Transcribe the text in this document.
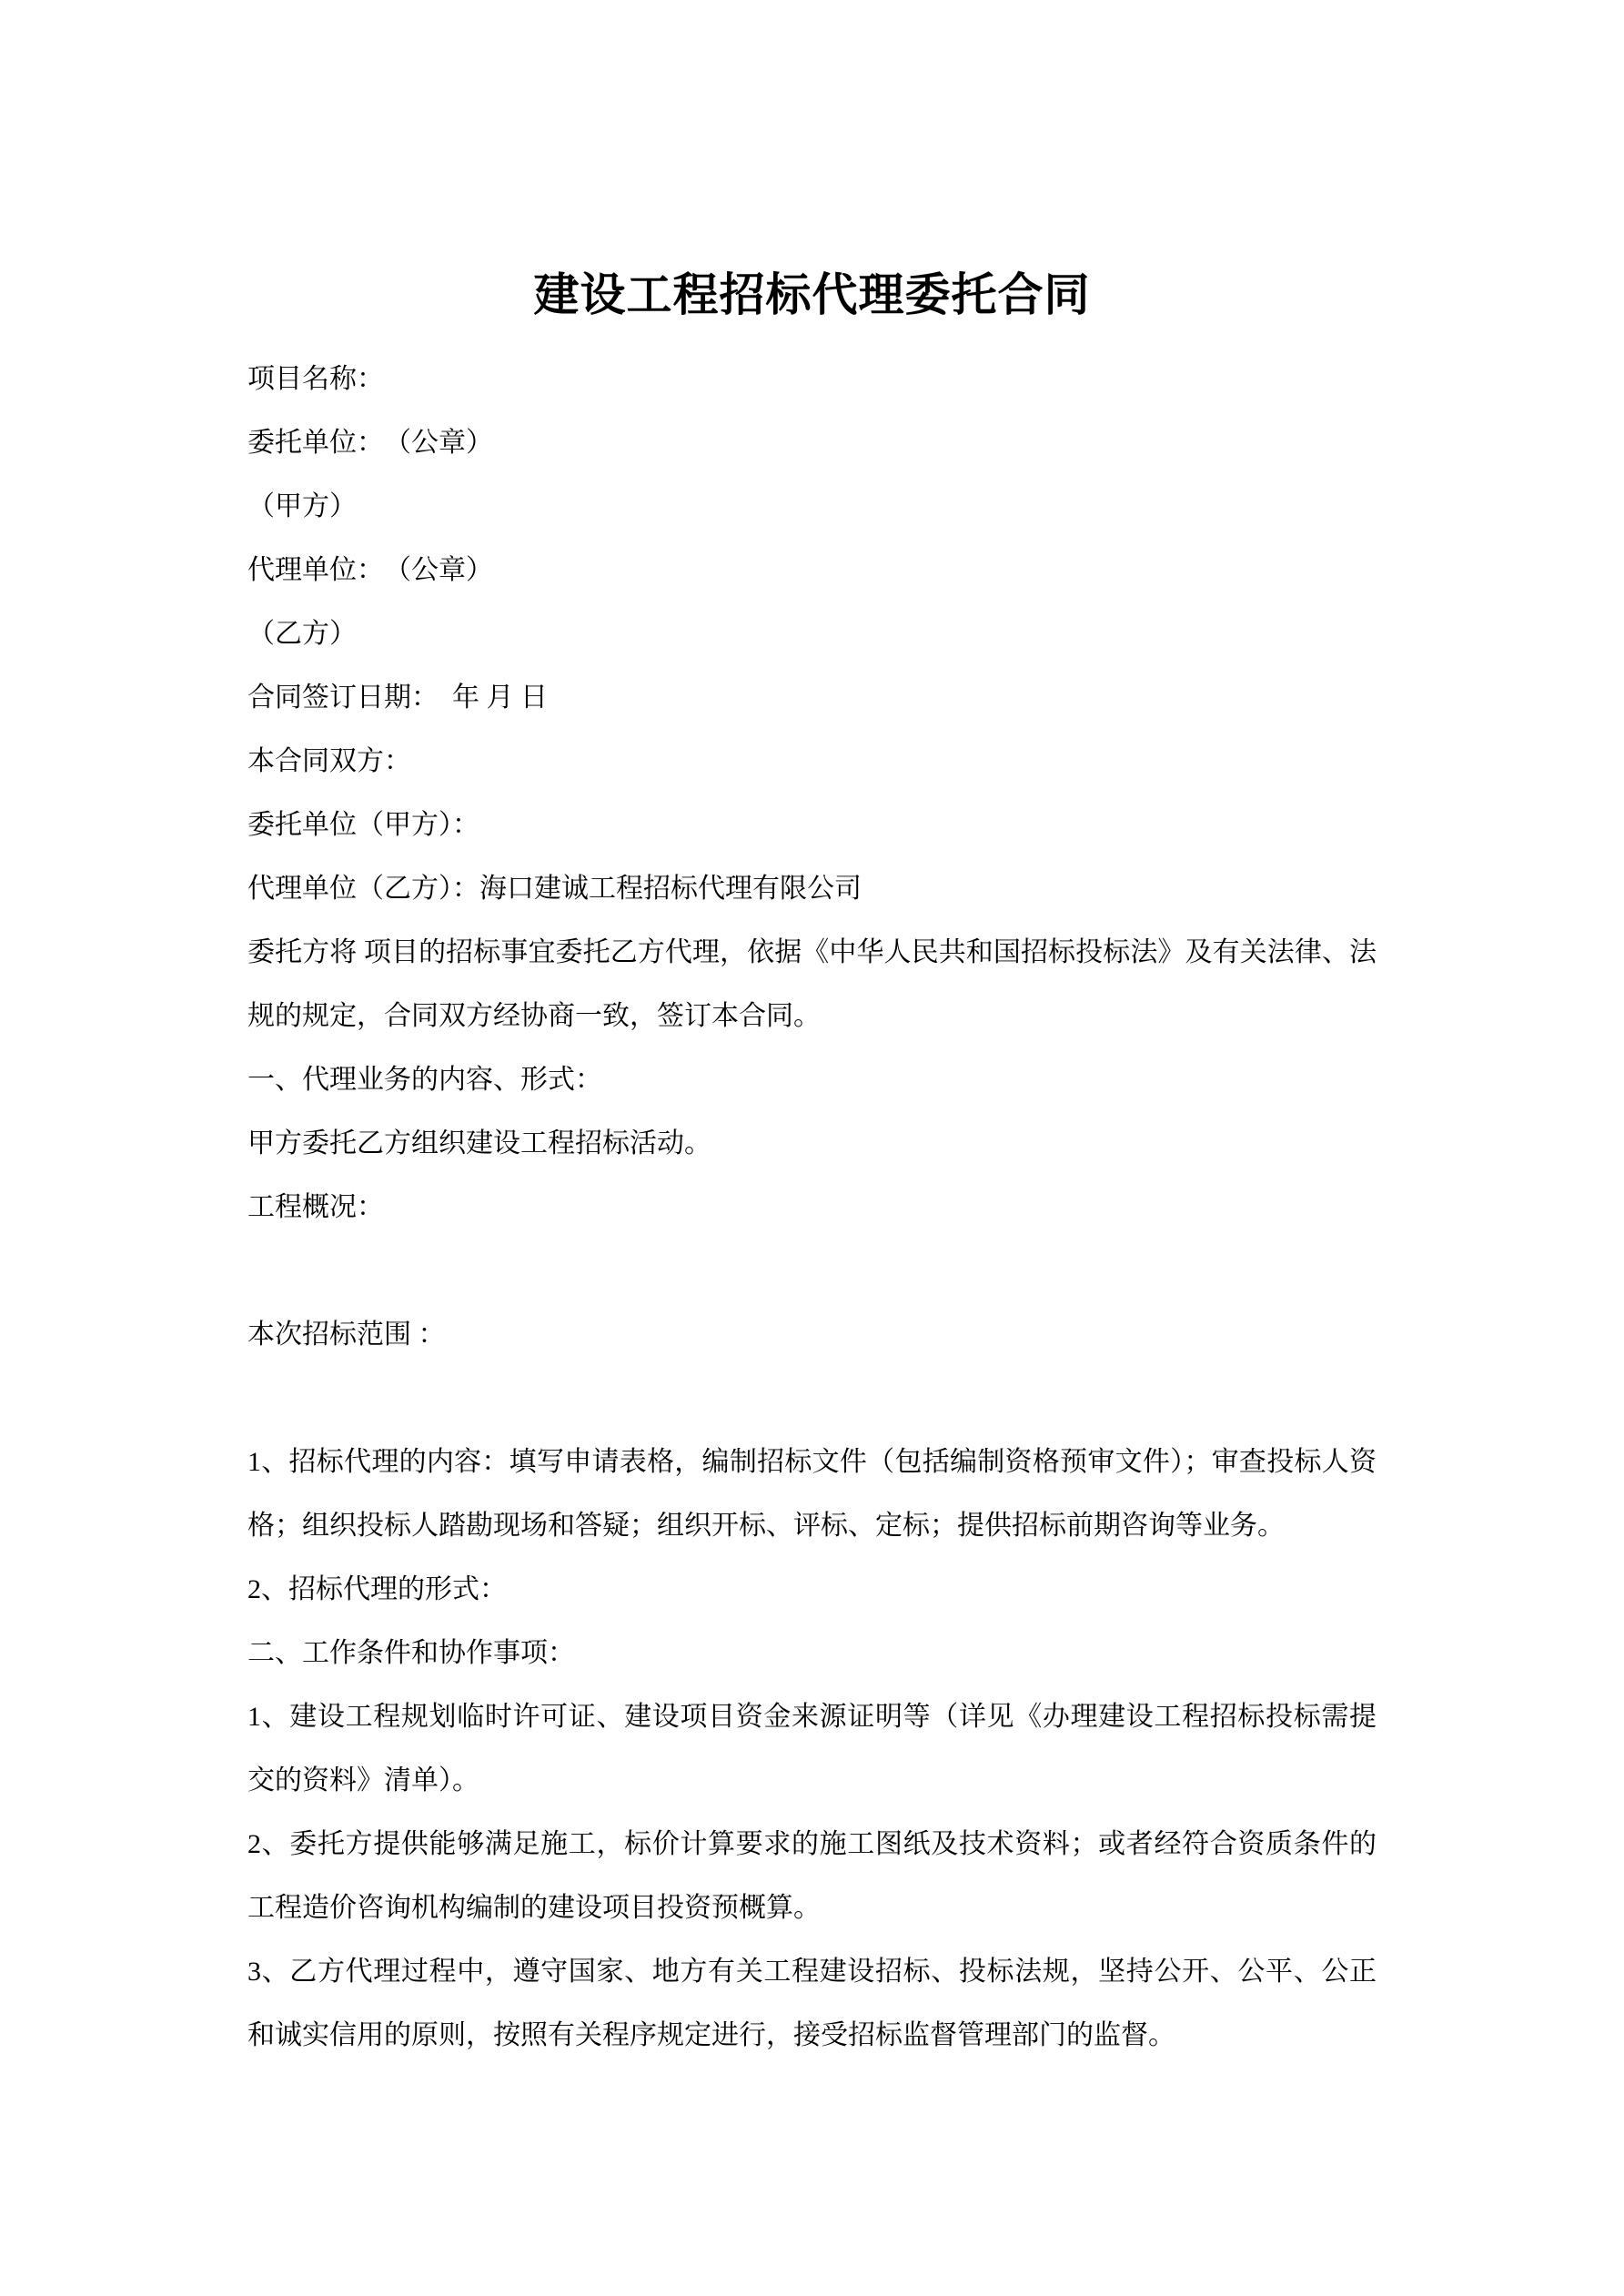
建设工程招标代理委托合同

项目名称：

委托单位：　（公章）

（甲方）

代理单位：　（公章）

（乙方）

合同签订日期：　年 月 日

本合同双方：

委托单位（甲方）：

代理单位（乙方）：海口建诚工程招标代理有限公司

委托方将 项目的招标事宜委托乙方代理，依据《中华人民共和国招标投标法》及有关法律、法规的规定，合同双方经协商一致，签订本合同。

一、代理业务的内容、形式：

甲方委托乙方组织建设工程招标活动。

工程概况：

本次招标范围 ：

1、招标代理的内容：填写申请表格，编制招标文件（包括编制资格预审文件）；审查投标人资格；组织投标人踏勘现场和答疑；组织开标、评标、定标；提供招标前期咨询等业务。

2、招标代理的形式：

二、工作条件和协作事项：

1、建设工程规划临时许可证、建设项目资金来源证明等（详见《办理建设工程招标投标需提交的资料》清单）。

2、委托方提供能够满足施工，标价计算要求的施工图纸及技术资料；或者经符合资质条件的工程造价咨询机构编制的建设项目投资预概算。

3、乙方代理过程中，遵守国家、地方有关工程建设招标、投标法规，坚持公开、公平、公正和诚实信用的原则，按照有关程序规定进行，接受招标监督管理部门的监督。
